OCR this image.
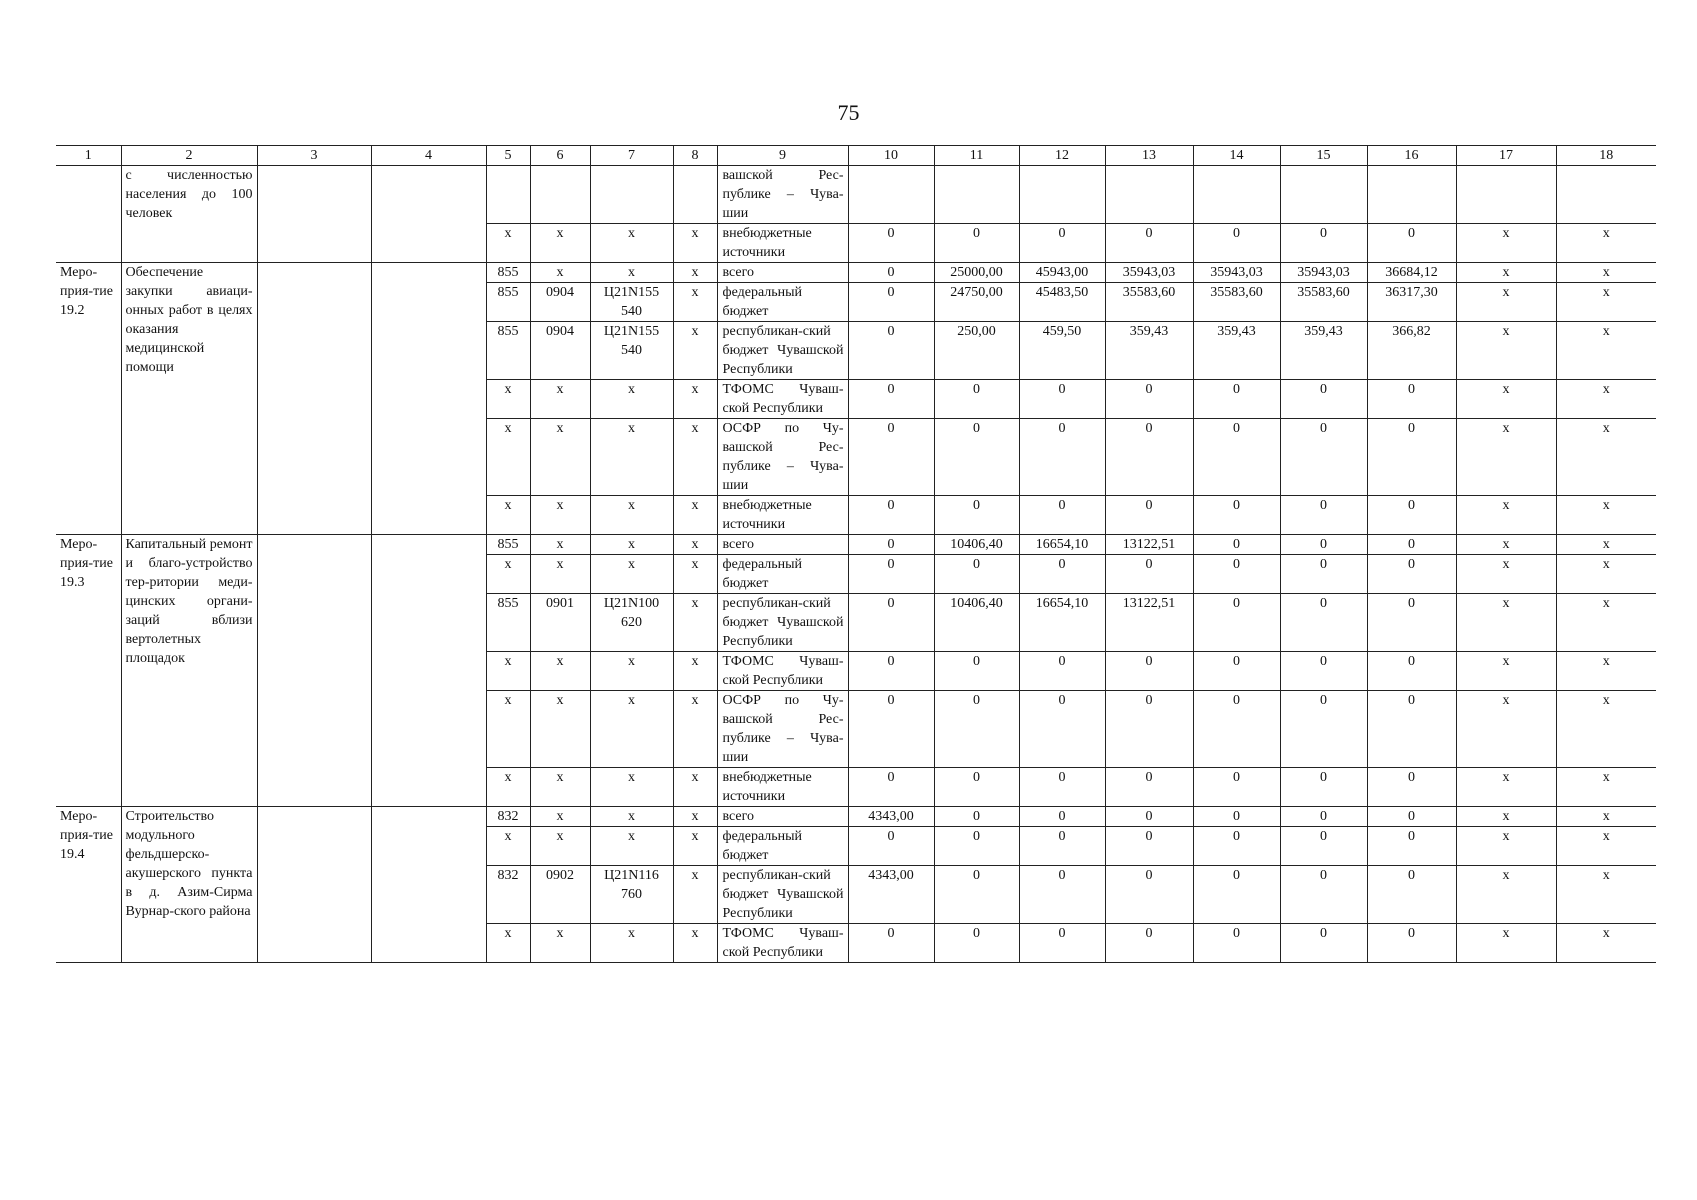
75
1	2	3	4	5	6	7	8	9	10	11	12	13	14	15	16	17	18
	с численностью населения до 100 человек							вашской Рес-публике – Чува-шии									
				x	x	x	x	внебюджетные источники	0	0	0	0	0	0	0	x	x
Меро-прия-тие 19.2	Обеспечение закупки авиаци-онных работ в целях оказания медицинской помощи			855	x	x	x	всего	0	25000,00	45943,00	35943,03	35943,03	35943,03	36684,12	x	x
				855	0904	Ц21N155 540	x	федеральный бюджет	0	24750,00	45483,50	35583,60	35583,60	35583,60	36317,30	x	x
				855	0904	Ц21N155 540	x	республикан-ский бюджет Чувашской Республики	0	250,00	459,50	359,43	359,43	359,43	366,82	x	x
				x	x	x	x	ТФОМС Чуваш-ской Республики	0	0	0	0	0	0	0	x	x
				x	x	x	x	ОСФР по Чу-вашской Рес-публике – Чува-шии	0	0	0	0	0	0	0	x	x
				x	x	x	x	внебюджетные источники	0	0	0	0	0	0	0	x	x
Меро-прия-тие 19.3	Капитальный ремонт и благо-устройство тер-ритории меди-цинских органи-заций вблизи вертолетных площадок			855	x	x	x	всего	0	10406,40	16654,10	13122,51	0	0	0	x	x
				x	x	x	x	федеральный бюджет	0	0	0	0	0	0	0	x	x
				855	0901	Ц21N100 620	x	республикан-ский бюджет Чувашской Республики	0	10406,40	16654,10	13122,51	0	0	0	x	x
				x	x	x	x	ТФОМС Чуваш-ской Республики	0	0	0	0	0	0	0	x	x
				x	x	x	x	ОСФР по Чу-вашской Рес-публике – Чува-шии	0	0	0	0	0	0	0	x	x
				x	x	x	x	внебюджетные источники	0	0	0	0	0	0	0	x	x
Меро-прия-тие 19.4	Строительство модульного фельдшерско-акушерского пункта в д. Азим-Сирма Вурнар-ского района			832	x	x	x	всего	4343,00	0	0	0	0	0	0	x	x
				x	x	x	x	федеральный бюджет	0	0	0	0	0	0	0	x	x
				832	0902	Ц21N116 760	x	республикан-ский бюджет Чувашской Республики	4343,00	0	0	0	0	0	0	x	x
				x	x	x	x	ТФОМС Чуваш-ской Республики	0	0	0	0	0	0	0	x	x
